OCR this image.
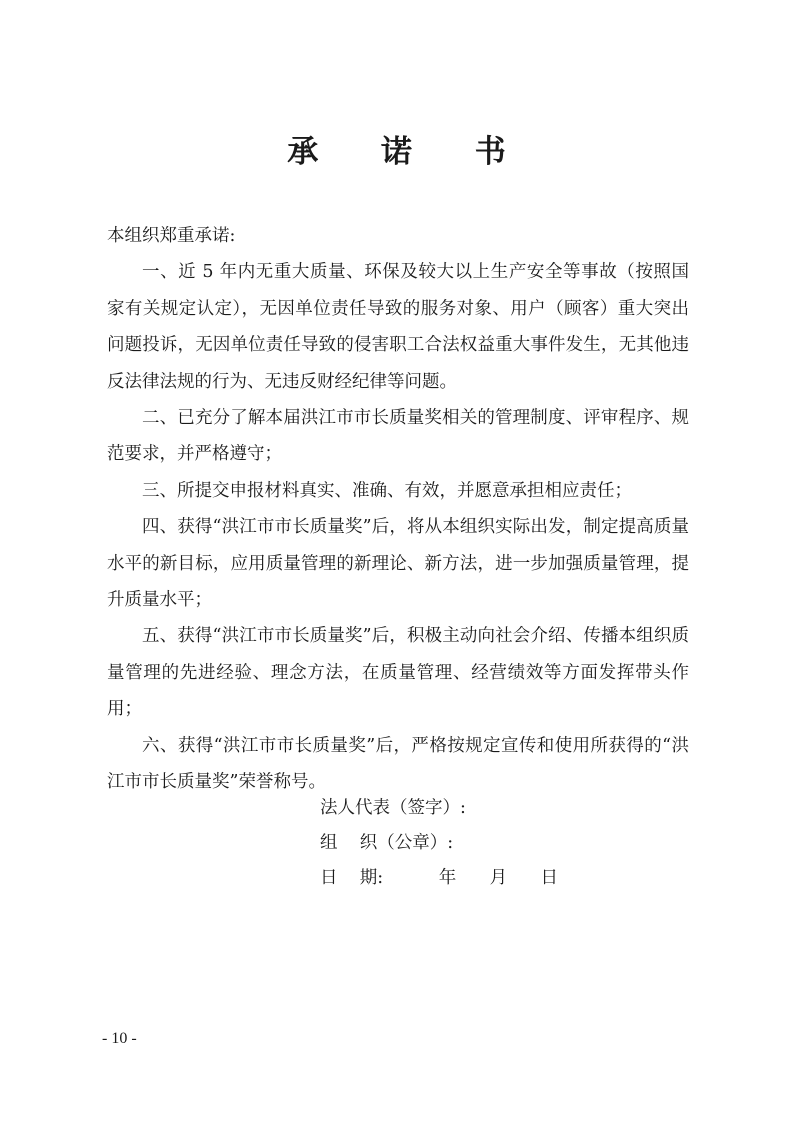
承 诺 书

本组织郑重承诺:

一、近 5 年内无重大质量、环保及较大以上生产安全等事故（按照国家有关规定认定），无因单位责任导致的服务对象、用户（顾客）重大突出问题投诉，无因单位责任导致的侵害职工合法权益重大事件发生，无其他违反法律法规的行为、无违反财经纪律等问题。

二、已充分了解本届洪江市市长质量奖相关的管理制度、评审程序、规范要求，并严格遵守；

三、所提交申报材料真实、准确、有效，并愿意承担相应责任；

四、获得“洪江市市长质量奖”后，将从本组织实际出发，制定提高质量水平的新目标，应用质量管理的新理论、新方法，进一步加强质量管理，提升质量水平；

五、获得“洪江市市长质量奖”后，积极主动向社会介绍、传播本组织质量管理的先进经验、理念方法，在质量管理、经营绩效等方面发挥带头作用；

六、获得“洪江市市长质量奖”后，严格按规定宣传和使用所获得的“洪江市市长质量奖”荣誉称号。

法人代表（签字）:
组    织（公章）:
日    期:          年      月      日
- 10 -
